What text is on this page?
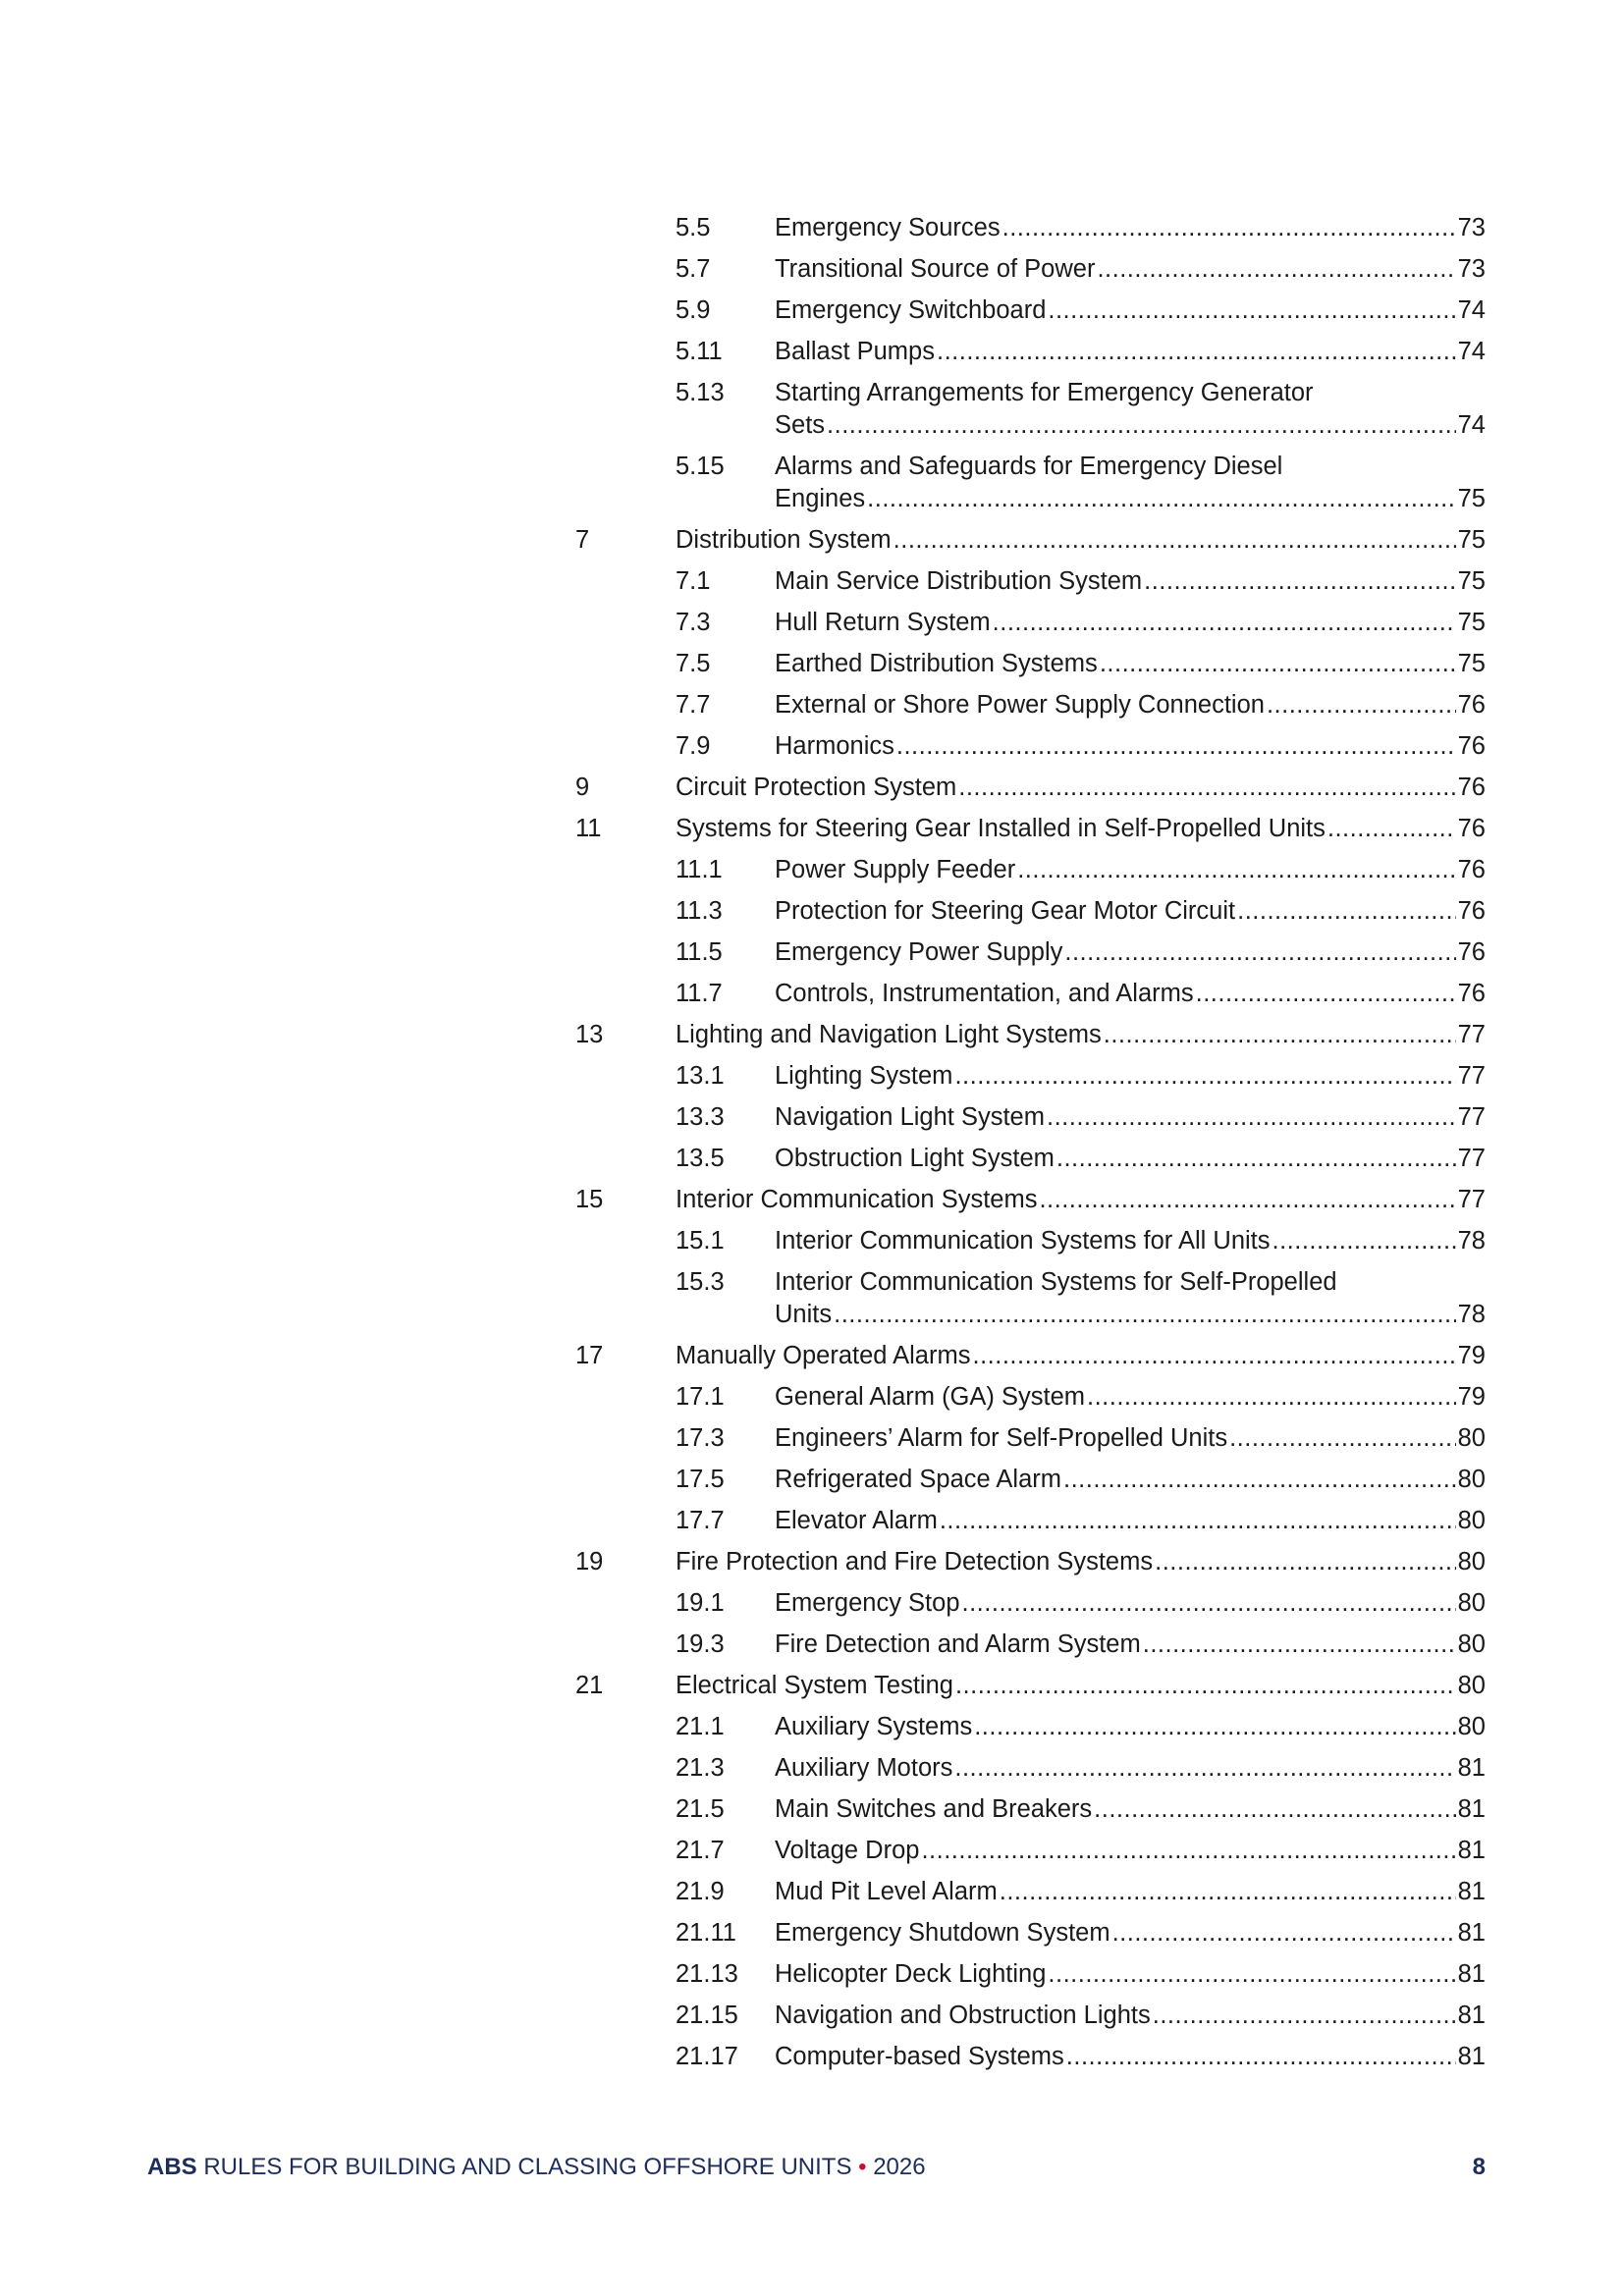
5.5	Emergency Sources .....	73
5.7	Transitional Source of Power .....	73
5.9	Emergency Switchboard .....	74
5.11 Ballast Pumps .....	74
5.13 Starting Arrangements for Emergency Generator
Sets .....	74
5.15 Alarms and Safeguards for Emergency Diesel
Engines .....	75
7	Distribution System .....	75
7.1	Main Service Distribution System .....	75
7.3	Hull Return System .....	75
7.5	Earthed Distribution Systems .....	75
7.7	External or Shore Power Supply Connection .....	76
7.9	Harmonics .....	76
9	Circuit Protection System .....	76
11	Systems for Steering Gear Installed in Self-Propelled Units .....	76
11.1 Power Supply Feeder .....	76
11.3 Protection for Steering Gear Motor Circuit .....	76
11.5 Emergency Power Supply .....	76
11.7 Controls, Instrumentation, and Alarms .....	76
13	Lighting and Navigation Light Systems .....	77
13.1 Lighting System .....	77
13.3 Navigation Light System .....	77
13.5 Obstruction Light System .....	77
15	Interior Communication Systems .....	77
15.1 Interior Communication Systems for All Units .....	78
15.3 Interior Communication Systems for Self-Propelled
Units .....	78
17	Manually Operated Alarms .....	79
17.1 General Alarm (GA) System .....	79
17.3 Engineers’ Alarm for Self-Propelled Units .....	80
17.5 Refrigerated Space Alarm .....	80
17.7 Elevator Alarm .....	80
19	Fire Protection and Fire Detection Systems .....	80
19.1 Emergency Stop .....	80
19.3 Fire Detection and Alarm System .....	80
21	Electrical System Testing .....	80
21.1 Auxiliary Systems .....	80
21.3 Auxiliary Motors .....	81
21.5 Main Switches and Breakers .....	81
21.7 Voltage Drop .....	81
21.9 Mud Pit Level Alarm .....	81
21.11 Emergency Shutdown System .....	81
21.13 Helicopter Deck Lighting .....	81
21.15 Navigation and Obstruction Lights .....	81
21.17 Computer-based Systems .....	81
ABS RULES FOR BUILDING AND CLASSING OFFSHORE UNITS • 2026	8
